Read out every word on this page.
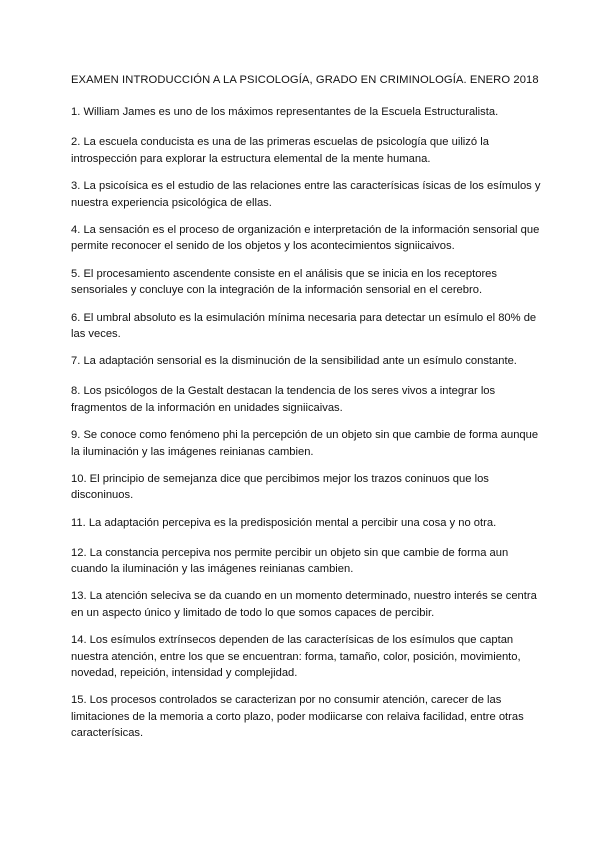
EXAMEN INTRODUCCIÓN A LA PSICOLOGÍA, GRADO EN CRIMINOLOGÍA. ENERO 2018

1. William James es uno de los máximos representantes de la Escuela Estructuralista.

2. La escuela conducista es una de las primeras escuelas de psicología que uilizó la introspección para explorar la estructura elemental de la mente humana.

3. La psicoísica es el estudio de las relaciones entre las caracterísicas ísicas de los esímulos y nuestra experiencia psicológica de ellas.

4. La sensación es el proceso de organización e interpretación de la información sensorial que permite reconocer el senido de los objetos y los acontecimientos signiicaivos.

5. El procesamiento ascendente consiste en el análisis que se inicia en los receptores sensoriales y concluye con la integración de la información sensorial en el cerebro.

6. El umbral absoluto es la esimulación mínima necesaria para detectar un esímulo el 80% de las veces.

7. La adaptación sensorial es la disminución de la sensibilidad ante un esímulo constante.

8. Los psicólogos de la Gestalt destacan la tendencia de los seres vivos a integrar los fragmentos de la información en unidades signiicaivas.

9. Se conoce como fenómeno phi la percepción de un objeto sin que cambie de forma aunque la iluminación y las imágenes reinianas cambien.

10. El principio de semejanza dice que percibimos mejor los trazos coninuos que los disconinuos.

11. La adaptación percepiva es la predisposición mental a percibir una cosa y no otra.

12. La constancia percepiva nos permite percibir un objeto sin que cambie de forma aun cuando la iluminación y las imágenes reinianas cambien.

13. La atención seleciva se da cuando en un momento determinado, nuestro interés se centra en un aspecto único y limitado de todo lo que somos capaces de percibir.

14. Los esímulos extrínsecos dependen de las caracterísicas de los esímulos que captan nuestra atención, entre los que se encuentran: forma, tamaño, color, posición, movimiento, novedad, repeición, intensidad y complejidad.

15. Los procesos controlados se caracterizan por no consumir atención, carecer de las limitaciones de la memoria a corto plazo, poder modiicarse con relaiva facilidad, entre otras caracterísicas.
